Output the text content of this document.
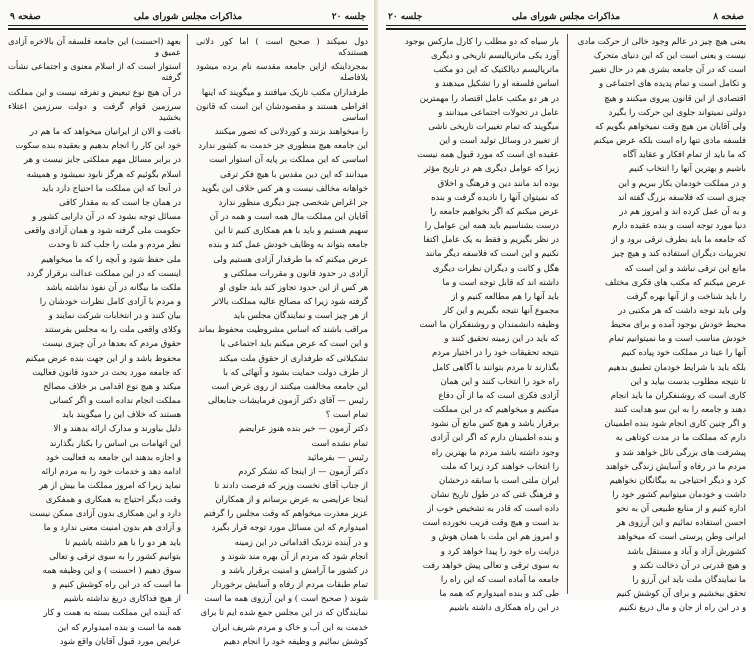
جلسه ۲۰
مذاکرات مجلس شورای ملی
صفحه ۹

دول نمیکند ( صحیح است ) اما کور دلانی هستندکه

بمجرداینکه ازاین جامعه مقدسه نام برده میشود بلافاصله

طرفداران مکتب تاریک میافتند و میگویند که اینها

افراطی هستند و مقصودشان این است که قانون اساسی

را میخواهند بزنند و کوردلانی که تصور میکنند

این جامعه هیچ منظوری جز خدمت به کشور ندارد

اساسی که این مملکت بر پایه آن استوار است

میدانند که این دین مقدس با هیچ فکر ترقی

خواهانه مخالف نیست و هر کس خلاف این بگوید

جز اغراض شخصی چیز دیگری منظور ندارد

آقایان این مملکت مال همه است و همه در آن

سهیم هستیم و باید با هم همکاری کنیم تا این

جامعه بتواند به وظایف خودش عمل کند و بنده

عرض میکنم که ما طرفدار آزادی هستیم ولی

آزادی در حدود قانون و مقررات مملکتی و

هر کس از این حدود تجاوز کند باید جلوی او

گرفته شود زیرا که مصالح عالیه مملکت بالاتر

از هر چیز است و نمایندگان مجلس باید

مراقب باشند که اساس مشروطیت محفوظ بماند

و این است که عرض میکنم باید اجتماعی یا

تشکیلاتی که طرفداری از حقوق ملت میکند

از طرف دولت حمایت بشود و آنهائی که با

این جامعه مخالفت میکنند از روی غرض است

رئیس — آقای دکتر آزمون فرمایشات جنابعالی

تمام است ؟

دکتر آزمون — خیر بنده هنوز عرایضم

تمام نشده است

رئیس — بفرمائید

دکتر آزمون — از اینجا که تشکر کردم

از جناب آقای نخست وزیر که فرصت دادند تا

اینجا عرایضی به عرض برسانم و از همکاران

عزیز معذرت میخواهم که وقت مجلس را گرفتم

امیدوارم که این مسائل مورد توجه قرار بگیرد

و در آینده نزدیک اقداماتی در این زمینه

انجام شود که مردم از آن بهره مند شوند و

در کشور ما آرامش و امنیت برقرار باشد و

تمام طبقات مردم از رفاه و آسایش برخوردار

شوند ( صحیح است ) و این آرزوی همه ما است

نمایندگان که در این مجلس جمع شده ایم تا برای

خدمت به این آب و خاک و مردم شریف ایران

کوشش نمائیم و وظیفه خود را انجام دهیم

بعهد (احسنت) این جامعه فلسفه آن بالاخره آزادی عمیق و

استوار است که از اسلام معنوی و اجتماعی نشأت گرفته

در آن هیچ نوع تبعیض و تفرقه نیست و این مملکت

سرزمین قوام گرفت و دولت سرزمین اعتلاء بخشید

بافت و الان از ایرانیان میخواهد که ما هم در

خود این کار را انجام بدهیم و بعقیده بنده سکوت

در برابر مسائل مهم مملکتی جایز نیست و هر

اسلام بگوئیم که هرگز نابود نمیشود و همیشه

در آنجا که این مملکت ما احتیاج دارد باید

در همان جا است که به مقدار کافی

مسائل توجه بشود که در آن دارایی کشور و

حکومت ملی گرفته شود و همان آزادی واقعی

نظر مردم و ملت را جلب کند تا وحدت

ملی حفظ شود و آنچه را که ما میخواهیم

اینست که در این مملکت عدالت برقرار گردد

ملکت ما بیگانه در آن نفوذ نداشته باشد

و مردم با آزادی کامل نظرات خودشان را

بیان کنند و در انتخابات شرکت نمایند و

وکلای واقعی ملت را به مجلس بفرستند

حقوق مردم که بعدها در آن چیزی نیست

محفوظ باشد و از این جهت بنده عرض میکنم

که جامعه مورد بحث در حدود قانون فعالیت

میکند و هیچ نوع اقدامی بر خلاف مصالح

مملکت انجام نداده است و اگر کسانی

هستند که خلاف این را میگویند باید

دلیل بیاورند و مدارک ارائه بدهند و الا

این اتهامات بی اساس را بکنار بگذارند

و اجازه بدهند این جامعه به فعالیت خود

ادامه دهد و خدمات خود را به مردم ارائه

نماید زیرا که امروز مملکت ما بیش از هر

وقت دیگر احتیاج به همکاری و همفکری

دارد و این همکاری بدون آزادی ممکن نیست

و آزادی هم بدون امنیت معنی ندارد و ما

باید هر دو را با هم داشته باشیم تا

بتوانیم کشور را به سوی ترقی و تعالی

سوق دهیم ( احسنت ) و این وظیفه همه

ما است که در این راه کوشش کنیم و

از هیچ فداکاری دریغ نداشته باشیم

که آینده این مملکت بسته به همت و کار

همه ما است و بنده امیدوارم که این

عرایض مورد قبول آقایان واقع شود

صفحه ۸
مذاکرات مجلس شورای ملی
جلسه ۲۰

یعنی هیچ چیز در عالم وجود خالی از حرکت مادی

نیست و یعنی است این که این دنیای متحرک

است که در آن جامعه بشری هم در حال تغییر

و تکامل است و تمام پدیده های اجتماعی و

اقتصادی از این قانون پیروی میکنند و هیچ

دولتی نمیتواند جلوی این حرکت را بگیرد

ولی آقایان من هیچ وقت نمیخواهم بگویم که

فلسفه مادی تنها راه است بلکه عرض میکنم

که ما باید از تمام افکار و عقاید آگاه

باشیم و بهترین آنها را انتخاب کنیم

و در مملکت خودمان بکار ببریم و این

چیزی است که فلاسفه بزرگ گفته اند

و به آن عمل کرده اند و امروز هم در

دنیا مورد توجه است و بنده عقیده دارم

که جامعه ما باید بطرف ترقی برود و از

تجربیات دیگران استفاده کند و هیچ چیز

مانع این ترقی نباشد و این است که

عرض میکنم که مکتب های فکری مختلف

را باید شناخت و از آنها بهره گرفت

ولی باید توجه داشت که هر مکتبی در

محیط خودش بوجود آمده و برای محیط

خودش مناسب است و ما نمیتوانیم تمام

آنها را عینا در مملکت خود پیاده کنیم

بلکه باید با شرایط خودمان تطبیق بدهیم

تا نتیجه مطلوب بدست بیاید و این

کاری است که روشنفکران ما باید انجام

دهند و جامعه را به این سو هدایت کنند

و اگر چنین کاری انجام شود بنده اطمینان

دارم که مملکت ما در مدت کوتاهی به

پیشرفت های بزرگی نائل خواهد شد و

مردم ما در رفاه و آسایش زندگی خواهند

کرد و دیگر احتیاجی به بیگانگان نخواهیم

داشت و خودمان میتوانیم کشور خود را

اداره کنیم و از منابع طبیعی آن به نحو

احسن استفاده نمائیم و این آرزوی هر

ایرانی وطن پرستی است که میخواهد

کشورش آزاد و آباد و مستقل باشد

و هیچ قدرتی در آن دخالت نکند و

ما نمایندگان ملت باید این آرزو را

تحقق ببخشیم و برای آن کوشش کنیم

و در این راه از جان و مال دریغ نکنیم

بار سیاه که دو مطلب را کارل مارکس بوجود

آورد یکی ماتریالیسم تاریخی و دیگری

ماتریالیسم دیالکتیک که این دو مکتب

اساس فلسفه او را تشکیل میدهند و

در هر دو مکتب عامل اقتصاد را مهمترین

عامل در تحولات اجتماعی میدانند و

میگویند که تمام تغییرات تاریخی ناشی

از تغییر در وسائل تولید است و این

عقیده ای است که مورد قبول همه نیست

زیرا که عوامل دیگری هم در تاریخ مؤثر

بوده اند مانند دین و فرهنگ و اخلاق

که نمیتوان آنها را نادیده گرفت و بنده

عرض میکنم که اگر بخواهیم جامعه را

درست بشناسیم باید همه این عوامل را

در نظر بگیریم و فقط به یک عامل اکتفا

نکنیم و این است که فلاسفه دیگر مانند

هگل و کانت و دیگران نظرات دیگری

داشته اند که قابل توجه است و ما

باید آنها را هم مطالعه کنیم و از

مجموع آنها نتیجه بگیریم و این کار

وظیفه دانشمندان و روشنفکران ما است

که باید در این زمینه تحقیق کنند و

نتیجه تحقیقات خود را در اختیار مردم

بگذارند تا مردم بتوانند با آگاهی کامل

راه خود را انتخاب کنند و این همان

آزادی فکری است که ما از آن دفاع

میکنیم و میخواهیم که در این مملکت

برقرار باشد و هیچ کس مانع آن نشود

و بنده اطمینان دارم که اگر این آزادی

وجود داشته باشد مردم ما بهترین راه

را انتخاب خواهند کرد زیرا که ملت

ایران ملتی است با سابقه درخشان

و فرهنگ غنی که در طول تاریخ نشان

داده است که قادر به تشخیص خوب از

بد است و هیچ وقت فریب نخورده است

و امروز هم این ملت با همان هوش و

درایت راه خود را پیدا خواهد کرد و

به سوی ترقی و تعالی پیش خواهد رفت

جامعه ما آماده است که این راه را

طی کند و بنده امیدوارم که همه ما

در این راه همکاری داشته باشیم
